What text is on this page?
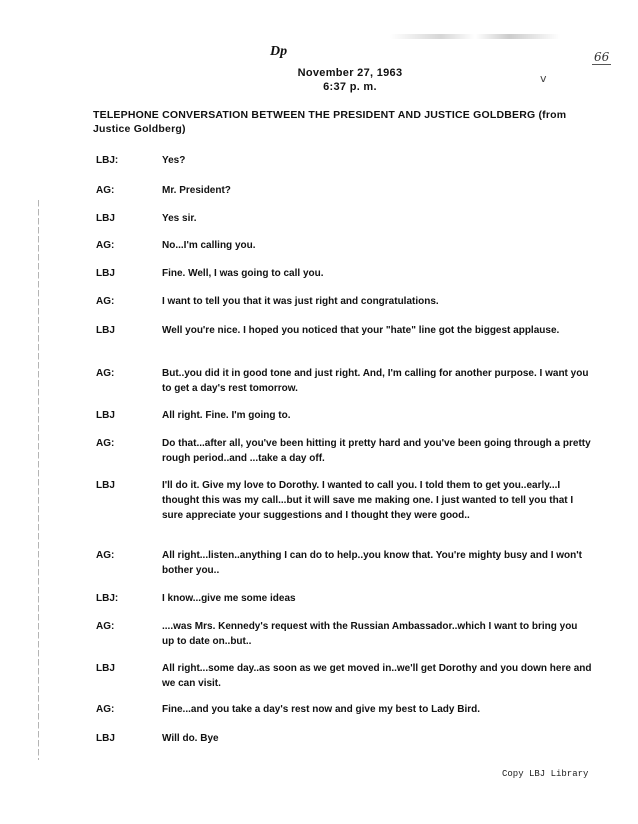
Dp	66
v
November 27, 1963
6:37 p. m.
TELEPHONE CONVERSATION BETWEEN THE PRESIDENT AND JUSTICE GOLDBERG (from Justice Goldberg)
LBJ:	Yes?
AG:	Mr. President?
LBJ	Yes sir.
AG:	No...I'm calling you.
LBJ	Fine. Well, I was going to call you.
AG:	I want to tell you that it was just right and congratulations.
LBJ	Well you're nice. I hoped you noticed that your "hate" line got the biggest applause.
AG:	But..you did it in good tone and just right. And, I'm calling for another purpose. I want you to get a day's rest tomorrow.
LBJ	All right. Fine. I'm going to.
AG:	Do that...after all, you've been hitting it pretty hard and you've been going through a pretty rough period..and ...take a day off.
LBJ	I'll do it. Give my love to Dorothy. I wanted to call you. I told them to get you..early...I thought this was my call...but it will save me making one. I just wanted to tell you that I sure appreciate your suggestions and I thought they were good..
AG:	All right...listen..anything I can do to help..you know that. You're mighty busy and I won't bother you..
LBJ:	I know...give me some ideas
AG:	....was Mrs. Kennedy's request with the Russian Ambassador..which I want to bring you up to date on..but..
LBJ	All right...some day..as soon as we get moved in..we'll get Dorothy and you down here and we can visit.
AG:	Fine...and you take a day's rest now and give my best to Lady Bird.
LBJ	Will do. Bye
Copy LBJ Library
